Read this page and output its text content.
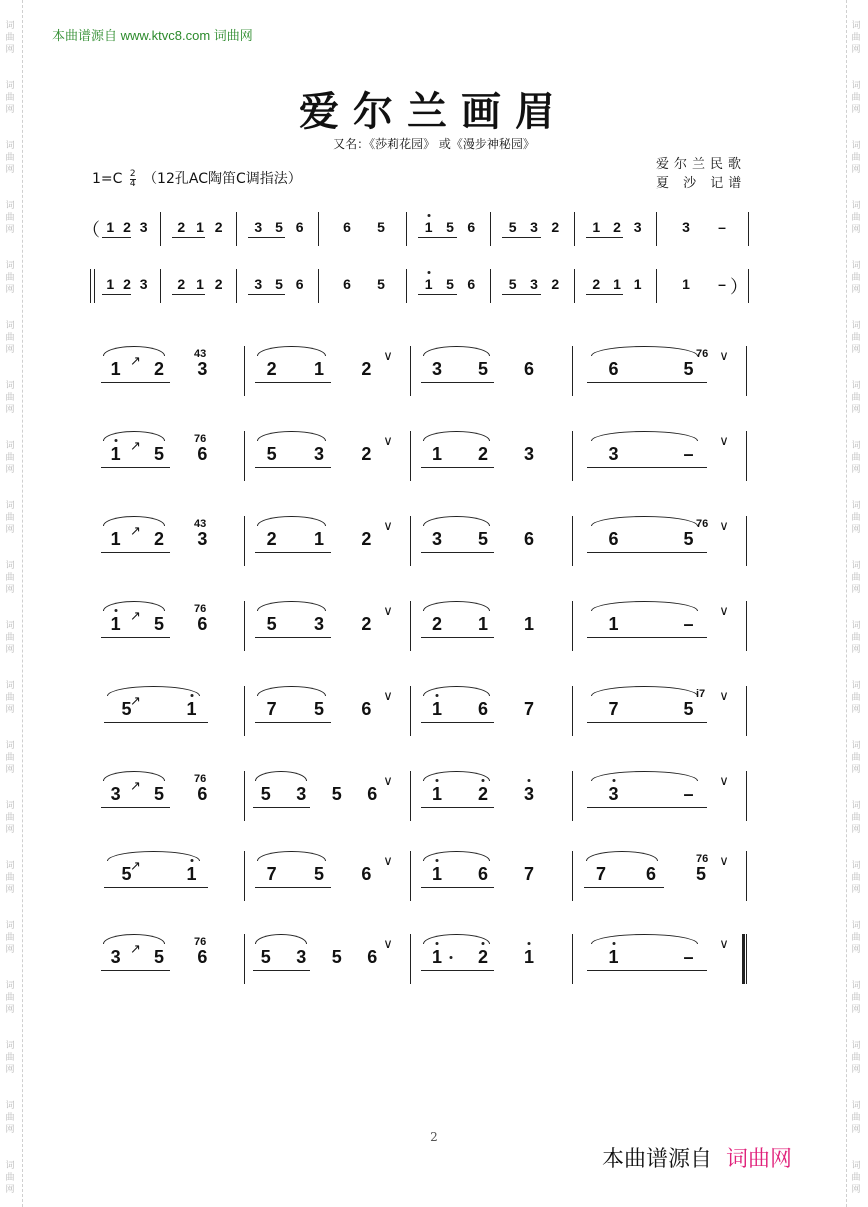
词
曲
网
词
曲
网
词
曲
网
词
曲
网
词
曲
网
词
曲
网
词
曲
网
词
曲
网
词
曲
网
词
曲
网
词
曲
网
词
曲
网
词
曲
网
词
曲
网
词
曲
网
词
曲
网
词
曲
网
词
曲
网
词
曲
网
词
曲
网
词
曲
网
词
曲
网
词
曲
网
词
曲
网
词
曲
网
词
曲
网
词
曲
网
词
曲
网
词
曲
网
词
曲
网
词
曲
网
词
曲
网
词
曲
网
词
曲
网
词
曲
网
词
曲
网
词
曲
网
词
曲
网
词
曲
网
词
曲
网
本曲谱源自 www.ktvc8.com 词曲网
爱尔兰画眉
又名：《莎莉花园》 或《漫步神秘园》
$1=C \frac{2}{4} (12$孔AC陶笛C调指法）
爱尔兰民歌
夏 沙 记谱
（ 1 2 3 2 1 2 3 5 6	6 5	1 5 6 5 3 2 1 2 3	3 –
）
1 2 3 2 1 2 3 5 6	6 5	1 5 6 5 3 2 2 1 1	1 –
1 2 3
43
2 1 2
∨
3 5 6	6	5
76 ∨
↗
1 5 6
76
5 3 2
∨
1 2 3	3	–
∨
↗
1 2 3
43
2 1 2
∨
3 5 6	6	5
76 ∨
↗
1 5 6
76
5 3 2
∨
2 1 1	1	–
∨
↗
5	1	7 5 6
∨
1 6 7	7	5
i7 ∨
↗
3 5 6
76
5 3 5 6
∨
1 2 3	3	–
∨
↗
5	1	7 5 6
∨
1 6 7	7 6 5
76 ∨
↗
3 5 6
76
5 3 5 6
∨
1 2 1	1	–
∨
↗
2
本曲谱源自 词曲网
